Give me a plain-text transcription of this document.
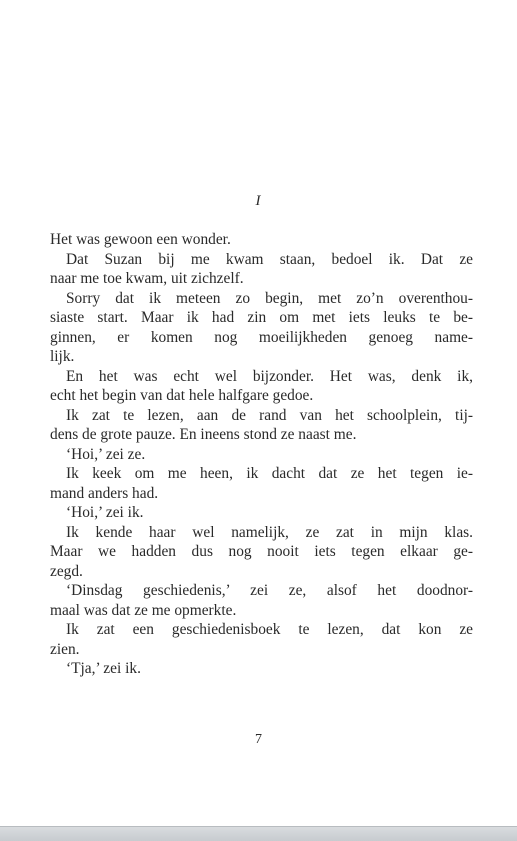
I
Het was gewoon een wonder.
Dat Suzan bij me kwam staan, bedoel ik. Dat ze
naar me toe kwam, uit zichzelf.
Sorry dat ik meteen zo begin, met zo’n overenthou-
siaste start. Maar ik had zin om met iets leuks te be-
ginnen, er komen nog moeilijkheden genoeg name-
lijk.
En het was echt wel bijzonder. Het was, denk ik,
echt het begin van dat hele halfgare gedoe.
Ik zat te lezen, aan de rand van het schoolplein, tij-
dens de grote pauze. En ineens stond ze naast me.
‘Hoi,’ zei ze.
Ik keek om me heen, ik dacht dat ze het tegen ie-
mand anders had.
‘Hoi,’ zei ik.
Ik kende haar wel namelijk, ze zat in mijn klas.
Maar we hadden dus nog nooit iets tegen elkaar ge-
zegd.
‘Dinsdag geschiedenis,’ zei ze, alsof het doodnor-
maal was dat ze me opmerkte.
Ik zat een geschiedenisboek te lezen, dat kon ze
zien.
‘Tja,’ zei ik.
7
